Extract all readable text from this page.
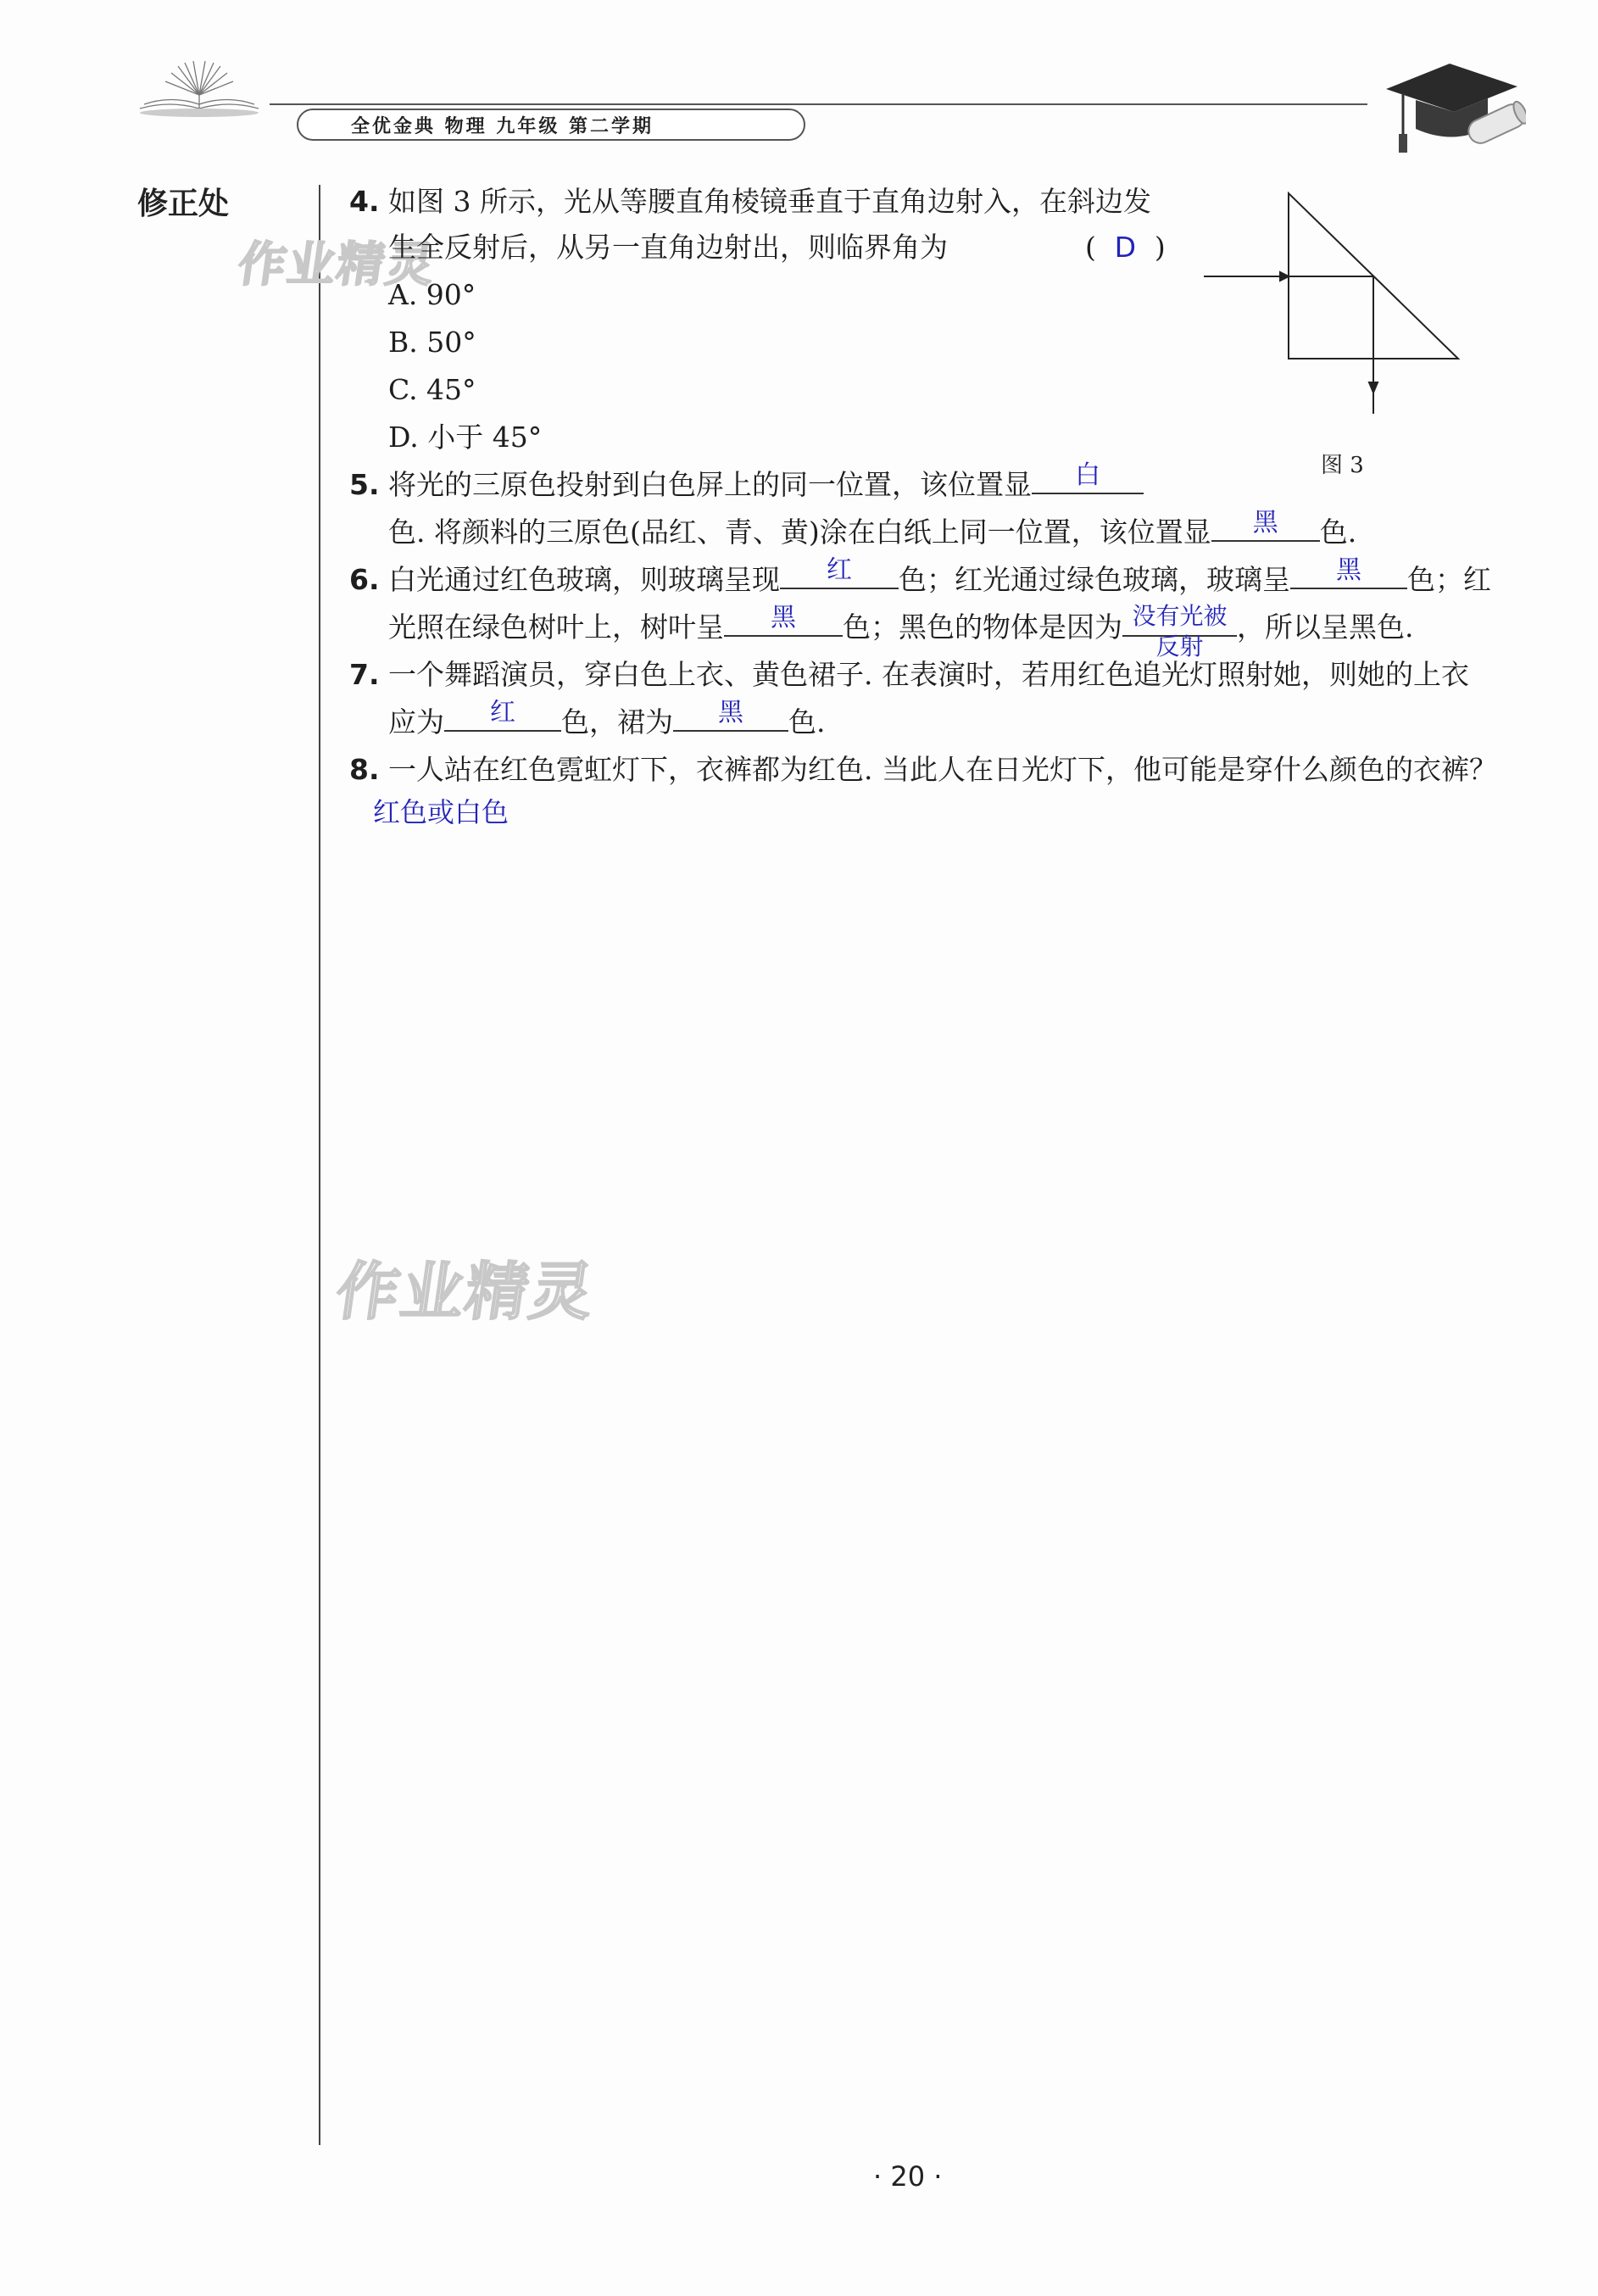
全优金典 物理 九年级 第二学期
修正处
作业精灵
作业精灵
4. 如图 3 所示，光从等腰直角棱镜垂直于直角边射入，在斜边发
生全反射后，从另一直角边射出，则临界角为	( D )
A. 90°
B. 50°
C. 45°
D. 小于 45°
图 3
5. 将光的三原色投射到白色屏上的同一位置，该位置显	白
色. 将颜料的三原色(品红、青、黄)涂在白纸上同一位置，该位置显	黑	色.
6. 白光通过红色玻璃，则玻璃呈现	红	色；红光通过绿色玻璃，玻璃呈	黑	色；红
光照在绿色树叶上，树叶呈	黑	色；黑色的物体是因为 没有光被
反射
，所以呈黑色.
7. 一个舞蹈演员，穿白色上衣、黄色裙子. 在表演时，若用红色追光灯照射她，则她的上衣
应为	红	色，裙为	黑	色.
8. 一人站在红色霓虹灯下，衣裤都为红色. 当此人在日光灯下，他可能是穿什么颜色的衣裤？
红色或白色
· 20 ·
